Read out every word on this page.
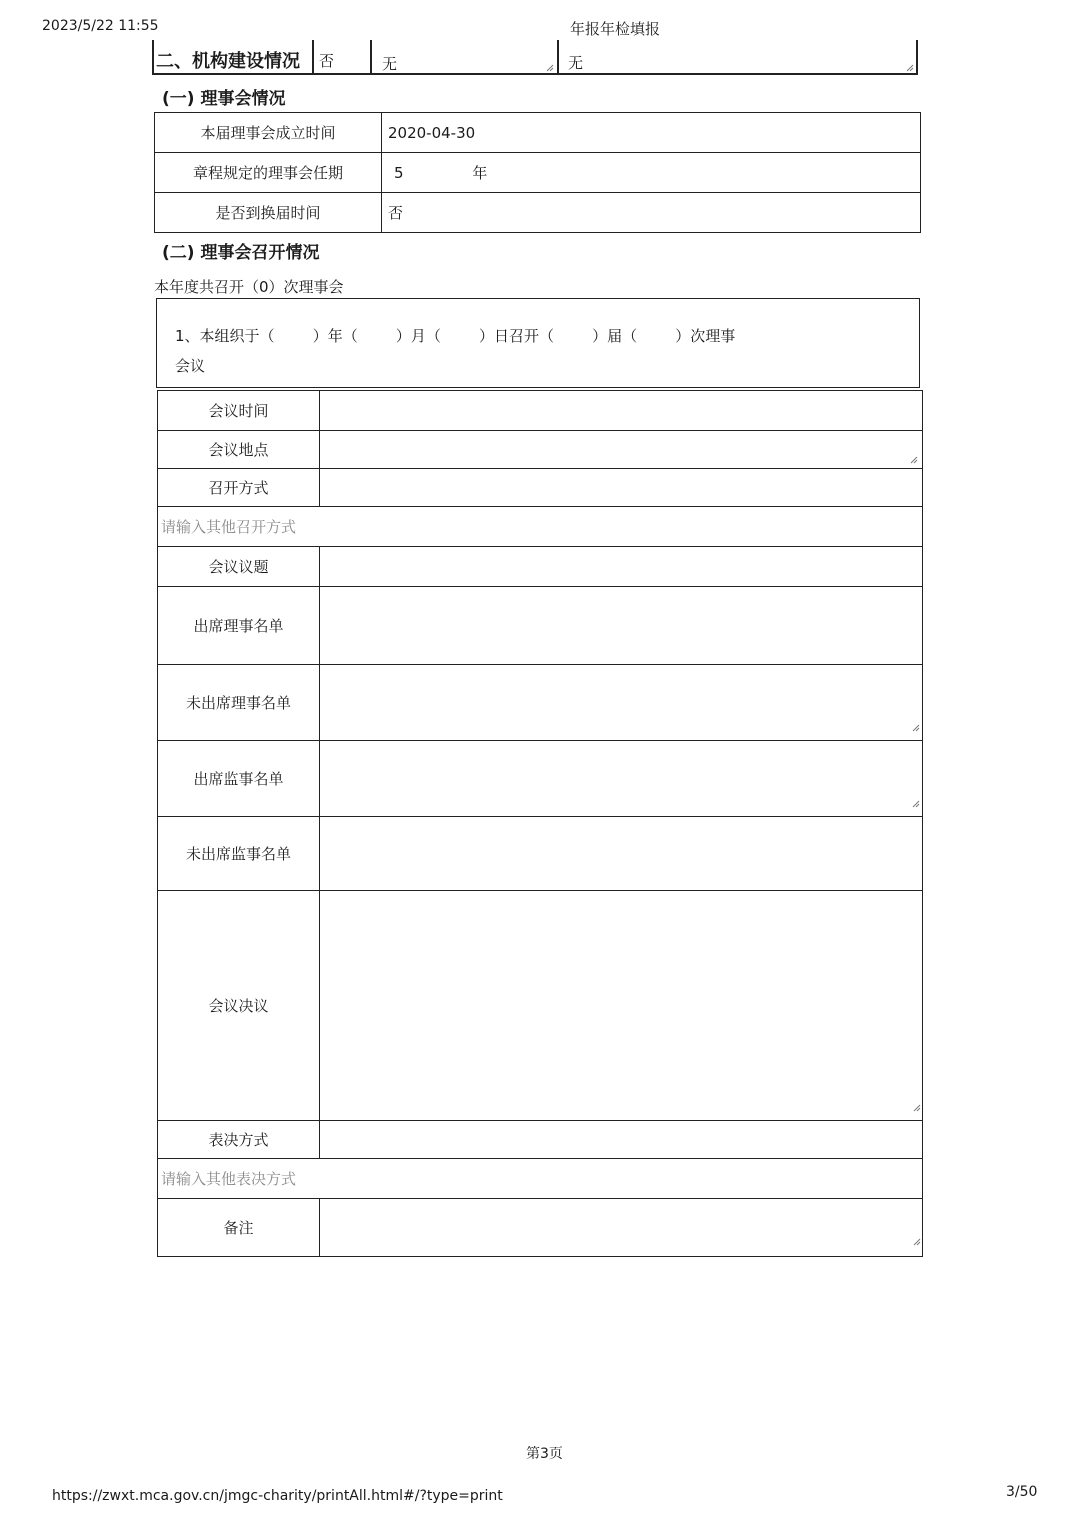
2023/5/22 11:55	年报年检填报
二、机构建设情况 否	无	无
(一) 理事会情况
本届理事会成立时间	2020-04-30
章程规定的理事会任期	5 年
是否到换届时间	否
(二) 理事会召开情况
本年度共召开（0）次理事会
1、本组织于（        ）年（        ）月（        ）日召开（        ）届（        ）次理事
会议
会议时间	
会议地点	
召开方式	
请输入其他召开方式	
会议议题	
出席理事名单	
未出席理事名单	
出席监事名单	
未出席监事名单	
会议决议	
表决方式	
请输入其他表决方式	
备注	
第3页
https://zwxt.mca.gov.cn/jmgc-charity/printAll.html#/?type=print	3/50
